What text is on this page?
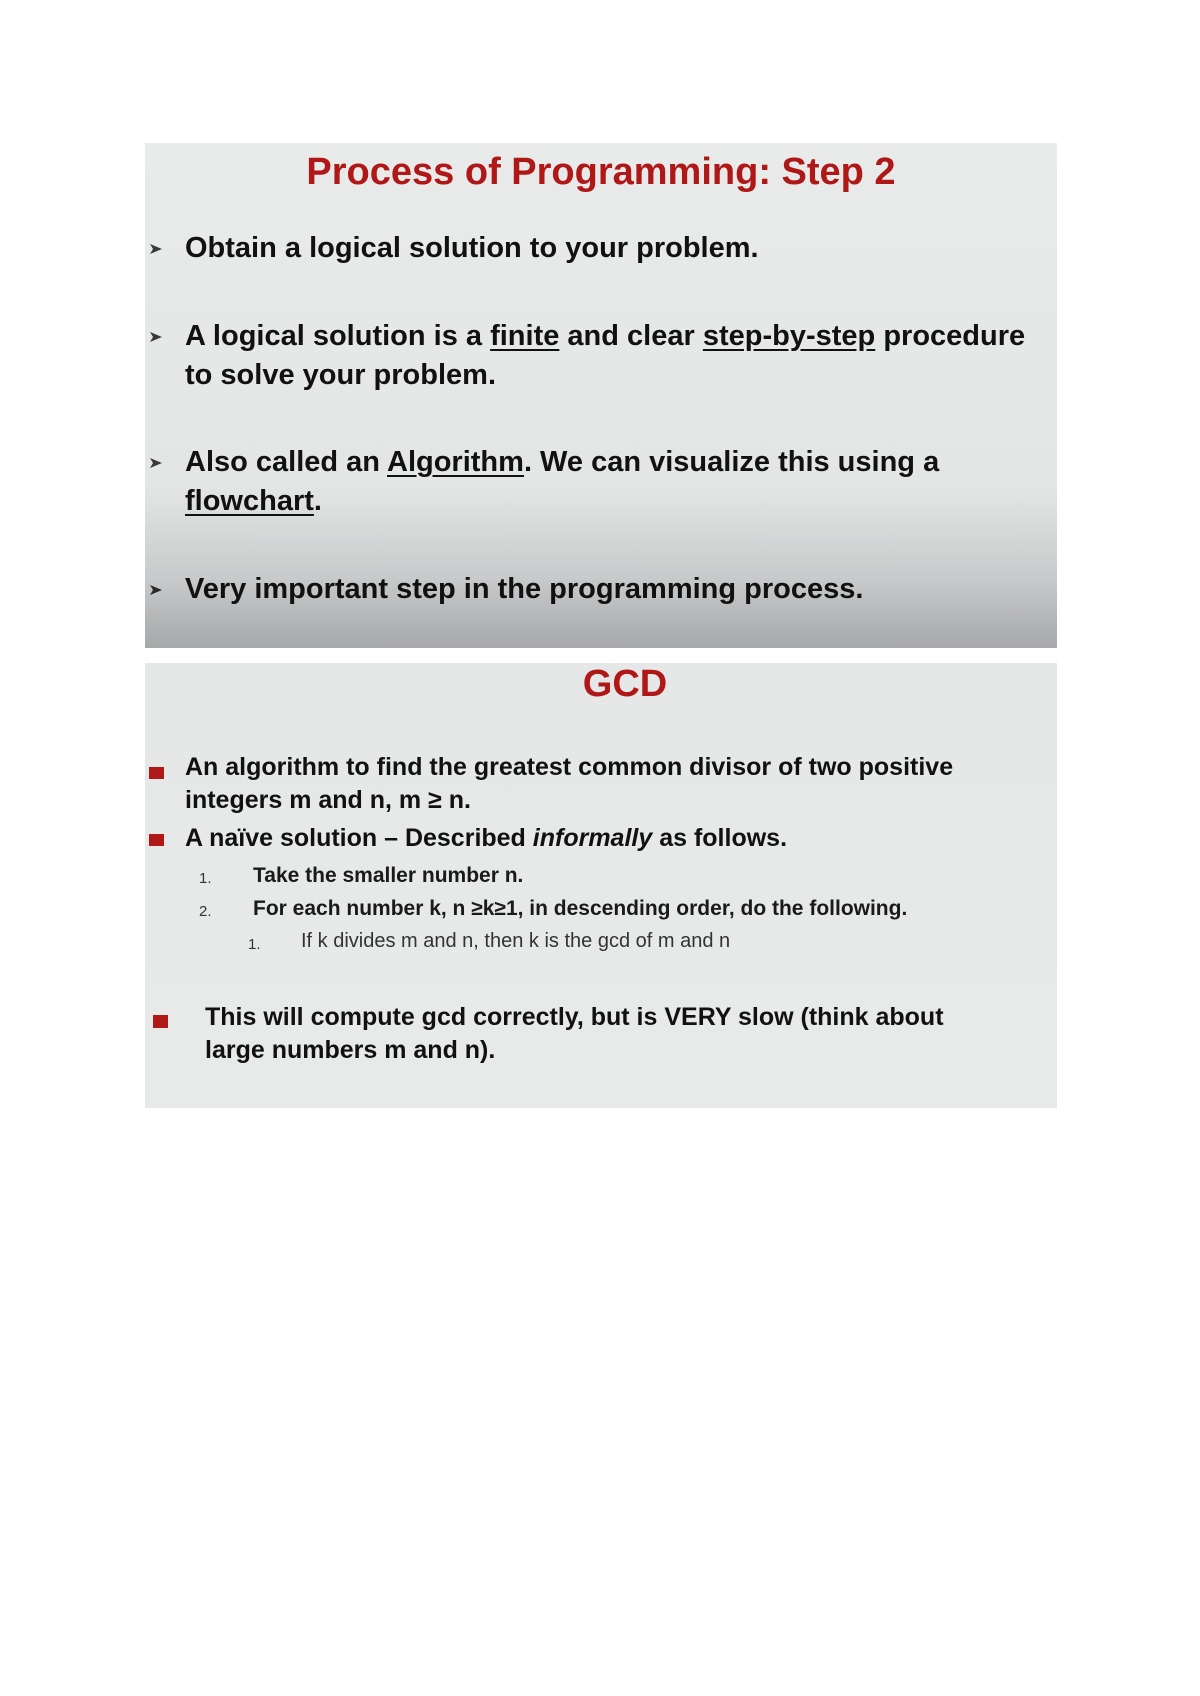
Process of Programming: Step 2
Obtain a logical solution to your problem.
A logical solution is a finite and clear step-by-step procedure to solve your problem.
Also called an Algorithm. We can visualize this using a flowchart.
Very important step in the programming process.
GCD
An algorithm to find the greatest common divisor of two positive integers m and n, m ≥ n.
A naïve solution – Described informally as follows.
1. Take the smaller number n.
2. For each number k, n ≥k≥1, in descending order, do the following.
1. If k divides m and n, then k is the gcd of m and n
This will compute gcd correctly, but is VERY slow (think about large numbers m and n).
